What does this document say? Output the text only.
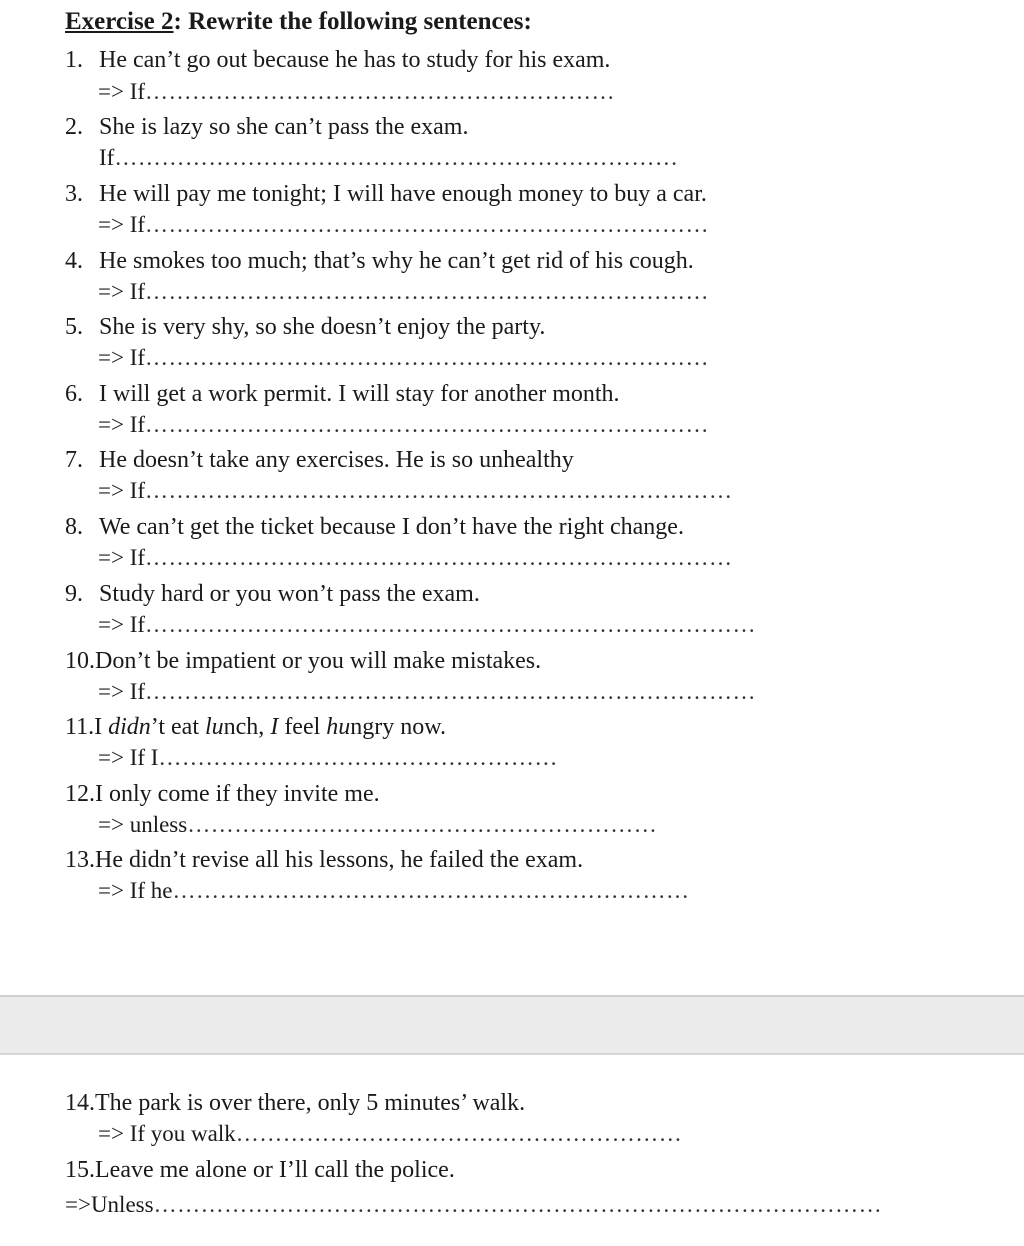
Exercise 2: Rewrite the following sentences:
1. He can’t go out because he has to study for his exam.
=> If……………………………………………………
2. She is lazy so she can’t pass the exam.
If………………………………………………………………
3. He will pay me tonight; I will have enough money to buy a car.
=> If………………………………………………………………
4. He smokes too much; that’s why he can’t get rid of his cough.
=> If………………………………………………………………
5. She is very shy, so she doesn’t enjoy the party.
=> If………………………………………………………………
6. I will get a work permit. I will stay for another month.
=> If………………………………………………………………
7. He doesn’t take any exercises. He is so unhealthy
=> If…………………………………………………………………
8. We can’t get the ticket because I don’t have the right change.
=> If…………………………………………………………………
9. Study hard or you won’t pass the exam.
=> If……………………………………………………………………
10.Don’t be impatient or you will make mistakes.
=> If……………………………………………………………………
11.I didn’t eat lunch, I feel hungry now.
=> If I……………………………………………
12.I only come if they invite me.
=> unless……………………………………………………
13.He didn’t revise all his lessons, he failed the exam.
=> If he…………………………………………………………
14.The park is over there, only 5 minutes’ walk.
=> If you walk…………………………………………………
15.Leave me alone or I’ll call the police.
=>Unless…………………………………………………………………………………
